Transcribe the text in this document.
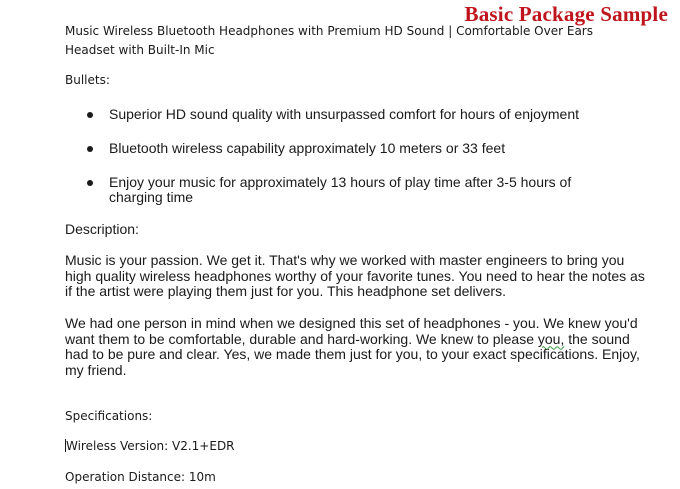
Basic Package Sample
Music Wireless Bluetooth Headphones with Premium HD Sound | Comfortable Over Ears Headset with Built-In Mic
Bullets:
Superior HD sound quality with unsurpassed comfort for hours of enjoyment
Bluetooth wireless capability approximately 10 meters or 33 feet
Enjoy your music for approximately 13 hours of play time after 3-5 hours of charging time
Description:
Music is your passion. We get it. That's why we worked with master engineers to bring you high quality wireless headphones worthy of your favorite tunes. You need to hear the notes as if the artist were playing them just for you. This headphone set delivers.
We had one person in mind when we designed this set of headphones - you. We knew you'd want them to be comfortable, durable and hard-working. We knew to please you, the sound had to be pure and clear. Yes, we made them just for you, to your exact specifications. Enjoy, my friend.
Specifications:
Wireless Version: V2.1+EDR
Operation Distance: 10m
